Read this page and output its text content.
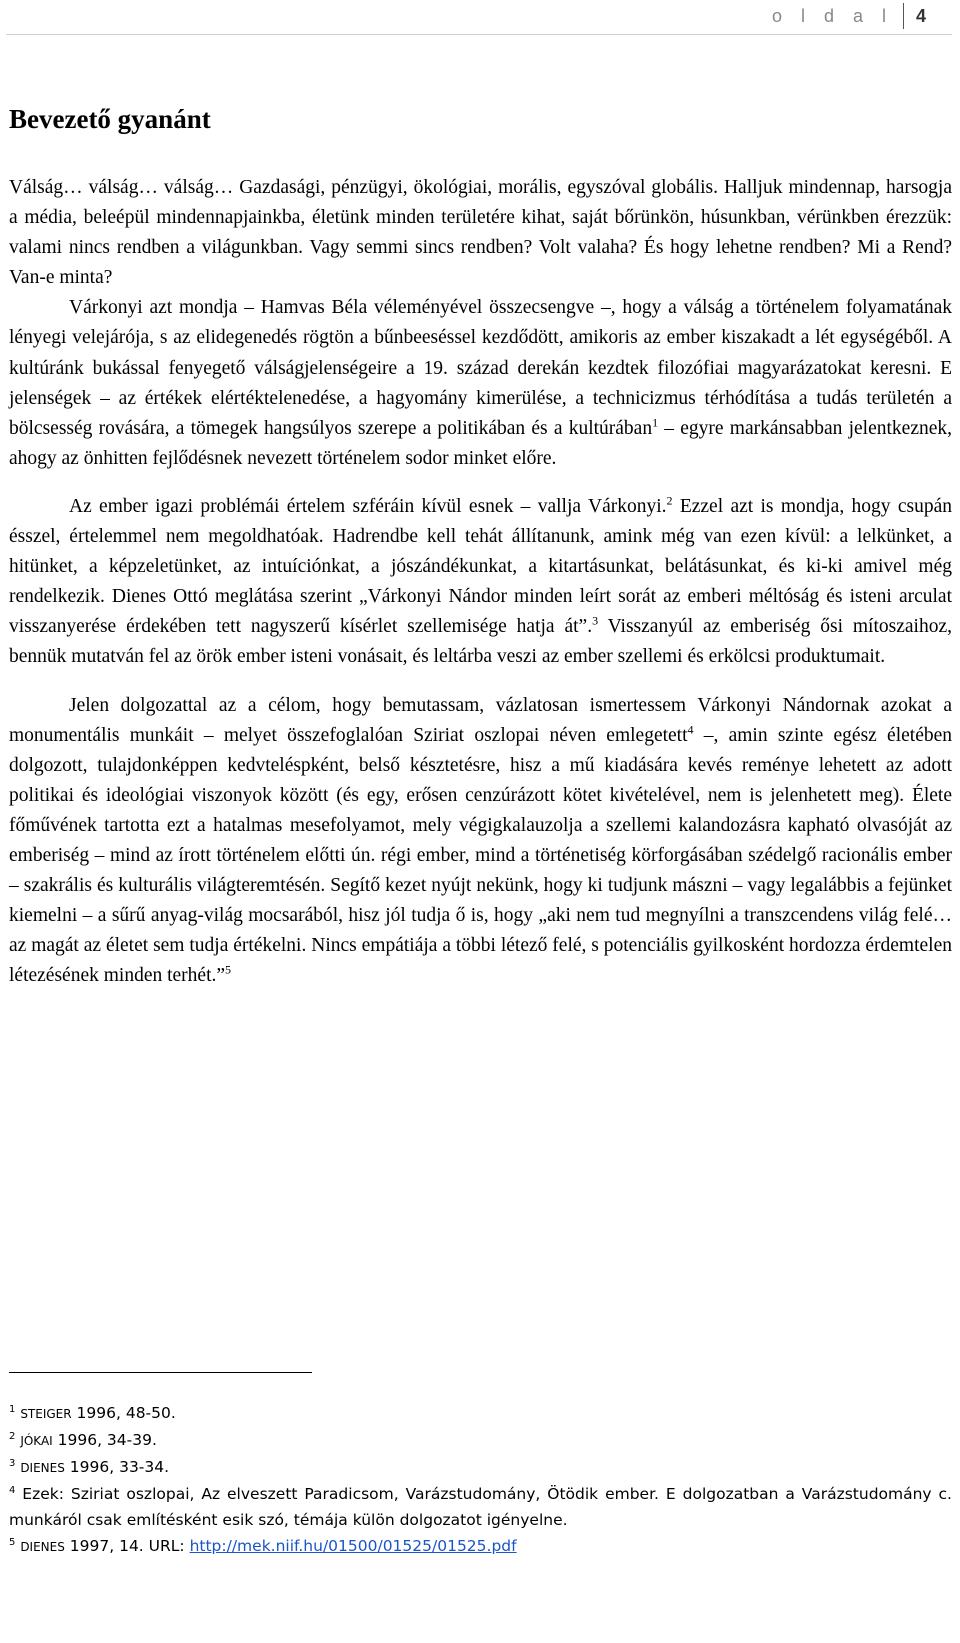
o l d a l 4
Bevezető gyanánt

Válság… válság… válság… Gazdasági, pénzügyi, ökológiai, morális, egyszóval globális. Halljuk mindennap, harsogja a média, beleépül mindennapjainkba, életünk minden területére kihat, saját bőrünkön, húsunkban, vérünkben érezzük: valami nincs rendben a világunkban. Vagy semmi sincs rendben? Volt valaha? És hogy lehetne rendben? Mi a Rend? Van-e minta?

Várkonyi azt mondja – Hamvas Béla véleményével összecsengve –, hogy a válság a történelem folyamatának lényegi velejárója, s az elidegenedés rögtön a bűnbeeséssel kezdődött, amikoris az ember kiszakadt a lét egységéből. A kultúránk bukással fenyegető válságjelenségeire a 19. század derekán kezdtek filozófiai magyarázatokat keresni. E jelenségek – az értékek elértéktelenedése, a hagyomány kimerülése, a technicizmus térhódítása a tudás területén a bölcsesség rovására, a tömegek hangsúlyos szerepe a politikában és a kultúrában$^1$ – egyre markánsabban jelentkeznek, ahogy az önhitten fejlődésnek nevezett történelem sodor minket előre.

Az ember igazi problémái értelem szféráin kívül esnek – vallja Várkonyi.$^2$ Ezzel azt is mondja, hogy csupán ésszel, értelemmel nem megoldhatóak. Hadrendbe kell tehát állítanunk, amink még van ezen kívül: a lelkünket, a hitünket, a képzeletünket, az intuíciónkat, a jószándékunkat, a kitartásunkat, belátásunkat, és ki-ki amivel még rendelkezik. Dienes Ottó meglátása szerint „Várkonyi Nándor minden leírt sorát az emberi méltóság és isteni arculat visszanyerése érdekében tett nagyszerű kísérlet szellemisége hatja át”.$^3$ Visszanyúl az emberiség ősi mítoszaihoz, bennük mutatván fel az örök ember isteni vonásait, és leltárba veszi az ember szellemi és erkölcsi produktumait.

Jelen dolgozattal az a célom, hogy bemutassam, vázlatosan ismertessem Várkonyi Nándornak azokat a monumentális munkáit – melyet összefoglalóan Sziriat oszlopai néven emlegetett$^4$ –, amin szinte egész életében dolgozott, tulajdonképpen kedvteléspként, belső késztetésre, hisz a mű kiadására kevés reménye lehetett az adott politikai és ideológiai viszonyok között (és egy, erősen cenzúrázott kötet kivételével, nem is jelenhetett meg). Élete főművének tartotta ezt a hatalmas mesefolyamot, mely végigkalauzolja a szellemi kalandozásra kapható olvasóját az emberiség – mind az írott történelem előtti ún. régi ember, mind a történetiség körforgásában szédelgő racionális ember – szakrális és kulturális világteremtésén. Segítő kezet nyújt nekünk, hogy ki tudjunk mászni – vagy legalábbis a fejünket kiemelni – a sűrű anyag-világ mocsarából, hisz jól tudja ő is, hogy „aki nem tud megnyílni a transzcendens világ felé… az magát az életet sem tudja értékelni. Nincs empátiája a többi létező felé, s potenciális gyilkosként hordozza érdemtelen létezésének minden terhét.”$^5$

$^1$ STEIGER 1996, 48-50.

$^2$ JÓKAI 1996, 34-39.

$^3$ DIENES 1996, 33-34.

$^4$ Ezek: Sziriat oszlopai, Az elveszett Paradicsom, Varázstudomány, Ötödik ember. E dolgozatban a Varázstudomány c. munkáról csak említésként esik szó, témája külön dolgozatot igényelne.

$^5$ DIENES 1997, 14. URL: http://mek.niif.hu/01500/01525/01525.pdf
